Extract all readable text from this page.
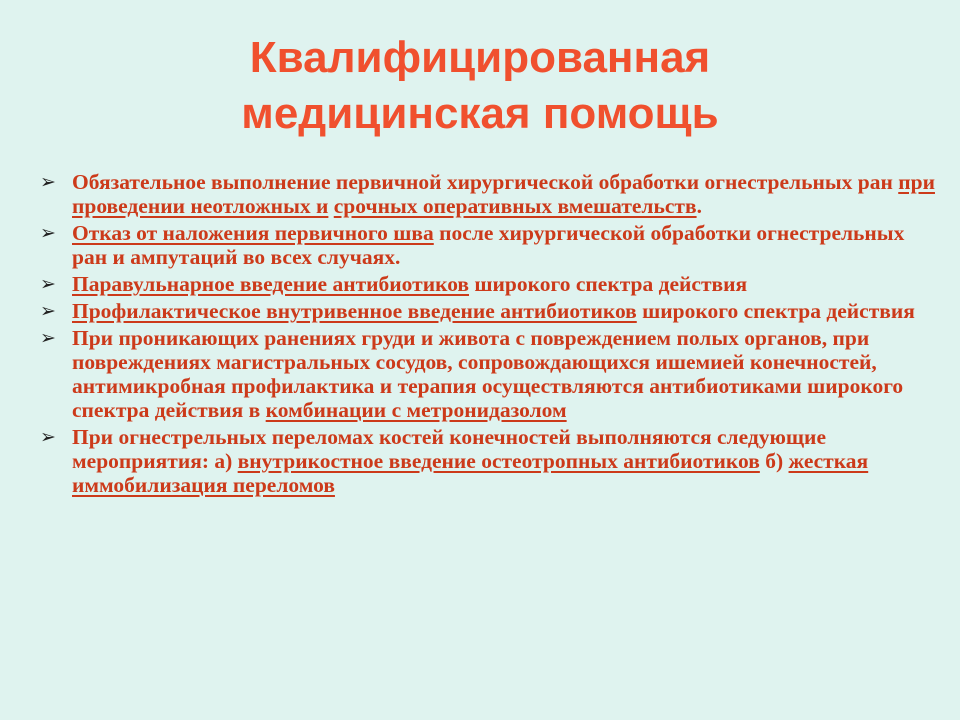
Квалифицированная
медицинская помощь
➢ Обязательное выполнение первичной хирургической обработки огнестрельных ран при проведении неотложных и срочных оперативных вмешательств.
➢ Отказ от наложения первичного шва после хирургической обработки огнестрельных ран и ампутаций во всех случаях.
➢ Паравульнарное введение антибиотиков широкого спектра действия
➢ Профилактическое внутривенное введение антибиотиков широкого спектра действия
➢ При проникающих ранениях груди и живота с повреждением полых органов, при повреждениях магистральных сосудов, сопровождающихся ишемией конечностей, антимикробная профилактика и терапия осуществляются антибиотиками широкого спектра действия в комбинации с метронидазолом
➢ При огнестрельных переломах костей конечностей выполняются следующие мероприятия: а) внутрикостное введение остеотропных антибиотиков б) жесткая иммобилизация переломов
